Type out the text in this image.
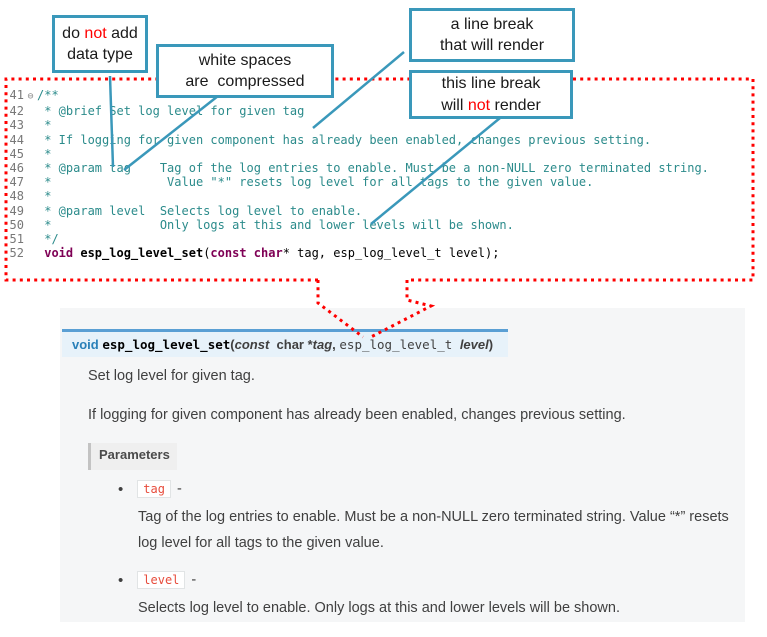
41 ⊖ /**
42 * @brief Set log level for given tag
43 *
44 * If logging for given component has already been enabled, changes previous setting.
45 *
46 * @param tag    Tag of the log entries to enable. Must be a non-NULL zero terminated string.
47 *                Value "*" resets log level for all tags to the given value.
48 *
49 * @param level  Selects log level to enable.
50 *               Only logs at this and lower levels will be shown.
51 */
52 void esp_log_level_set(const char* tag, esp_log_level_t level);
void esp_log_level_set ( const char * tag , esp_log_level_t level )
Set log level for given tag.
If logging for given component has already been enabled, changes previous setting.
Parameters
•	tag -
Tag of the log entries to enable. Must be a non-NULL zero terminated string. Value “*” resets log level for all tags to the given value.
•	level -
Selects log level to enable. Only logs at this and lower levels will be shown.
do not add
data type	white spaces
are  compressed
a line break
that will render
this line break
will not render
